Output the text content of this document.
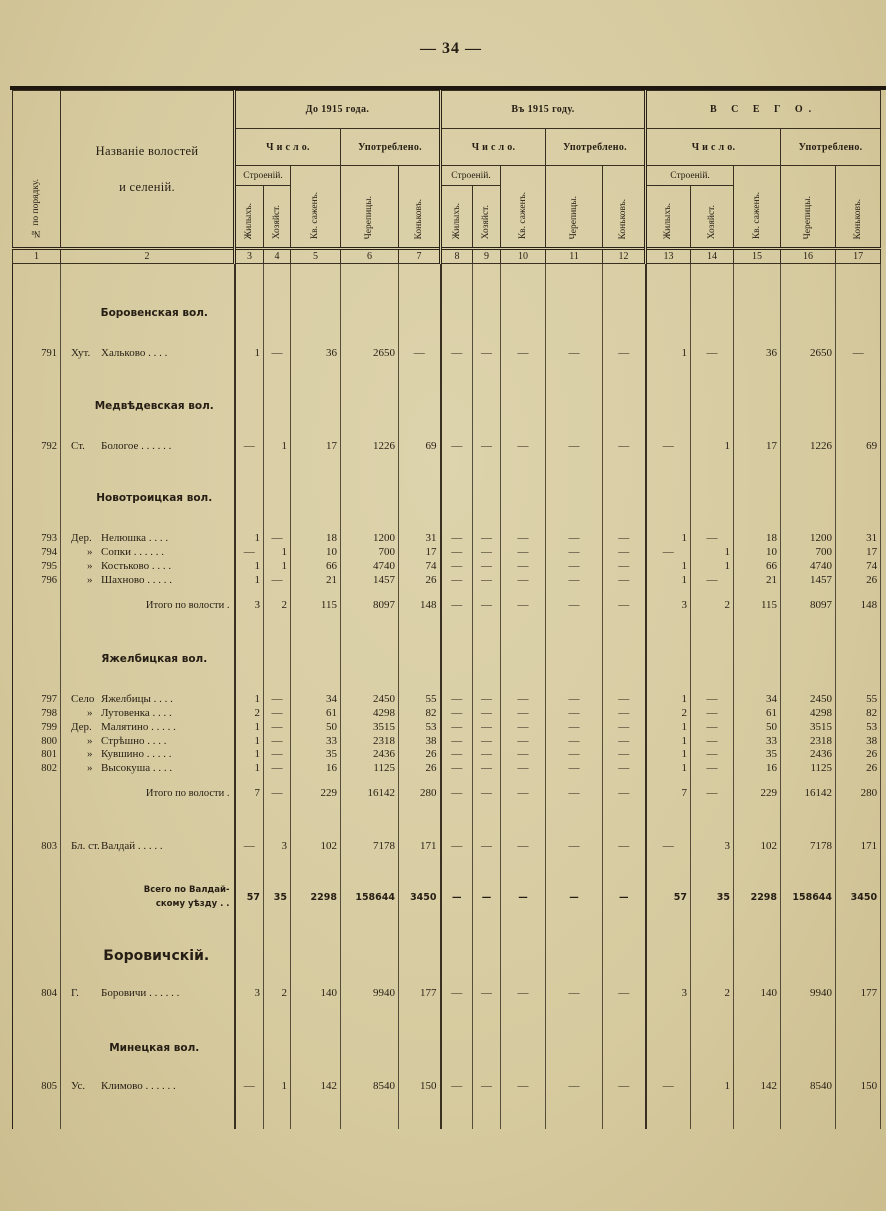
— 34 —
№ по порядку.	Названіе волостей
и селеній.	До 1915 года.					Въ 1915 году.					В С Е Г О.				
		Ч и с л о.			Употреблено.		Ч и с л о.			Употреблено.		Ч и с л о.			Употреблено.	
		Строеній.		Кв. саженъ.	Черепицы.	Коньковъ.	Строеній.		Кв. саженъ.	Черепицы.	Коньковъ.	Строеній.		Кв. саженъ.	Черепицы.	Коньковъ.
		Жилыхъ.	Хозяйст.				Жилыхъ.	Хозяйст.				Жилыхъ.	Хозяйст.			
1	2	3	4	5	6	7	8	9	10	11	12	13	14	15	16	17

	Боровенская вол.															

791	Хут. Хальково . . . .	1	—	36	2650	—	—	—	—	—	—	1	—	36	2650	—

	Медвѣдевская вол.															

792	Ст. Бологое . . . . . .	—	1	17	1226	69	—	—	—	—	—	—	1	17	1226	69

	Новотроицкая вол.															

793	Дер. Нелюшка . . . .	1	—	18	1200	31	—	—	—	—	—	1	—	18	1200	31
794	» Сопки . . . . . .	—	1	10	700	17	—	—	—	—	—	—	1	10	700	17
795	» Костьково . . . .	1	1	66	4740	74	—	—	—	—	—	1	1	66	4740	74
796	» Шахново . . . . .	1	—	21	1457	26	—	—	—	—	—	1	—	21	1457	26

	Итого по волости .	3	2	115	8097	148	—	—	—	—	—	3	2	115	8097	148

	Яжелбицкая вол.															

797	Село Яжелбицы . . . .	1	—	34	2450	55	—	—	—	—	—	1	—	34	2450	55
798	» Лутовенка . . . .	2	—	61	4298	82	—	—	—	—	—	2	—	61	4298	82
799	Дер. Малятино . . . . .	1	—	50	3515	53	—	—	—	—	—	1	—	50	3515	53
800	» Стрѣшно . . . .	1	—	33	2318	38	—	—	—	—	—	1	—	33	2318	38
801	» Кувшино . . . . .	1	—	35	2436	26	—	—	—	—	—	1	—	35	2436	26
802	» Высокуша . . . .	1	—	16	1125	26	—	—	—	—	—	1	—	16	1125	26

	Итого по волости .	7	—	229	16142	280	—	—	—	—	—	7	—	229	16142	280

803	Бл. ст.Валдай . . . . .	—	3	102	7178	171	—	—	—	—	—	—	3	102	7178	171

	Всего по Валдай-
скому уѣзду . .	57	35	2298	158644	3450	—	—	—	—	—	57	35	2298	158644	3450

	Боровичскій.															

804	Г. Боровичи . . . . . .	3	2	140	9940	177	—	—	—	—	—	3	2	140	9940	177

	Минецкая вол.															

805	Ус. Климово . . . . . .	—	1	142	8540	150	—	—	—	—	—	—	1	142	8540	150
